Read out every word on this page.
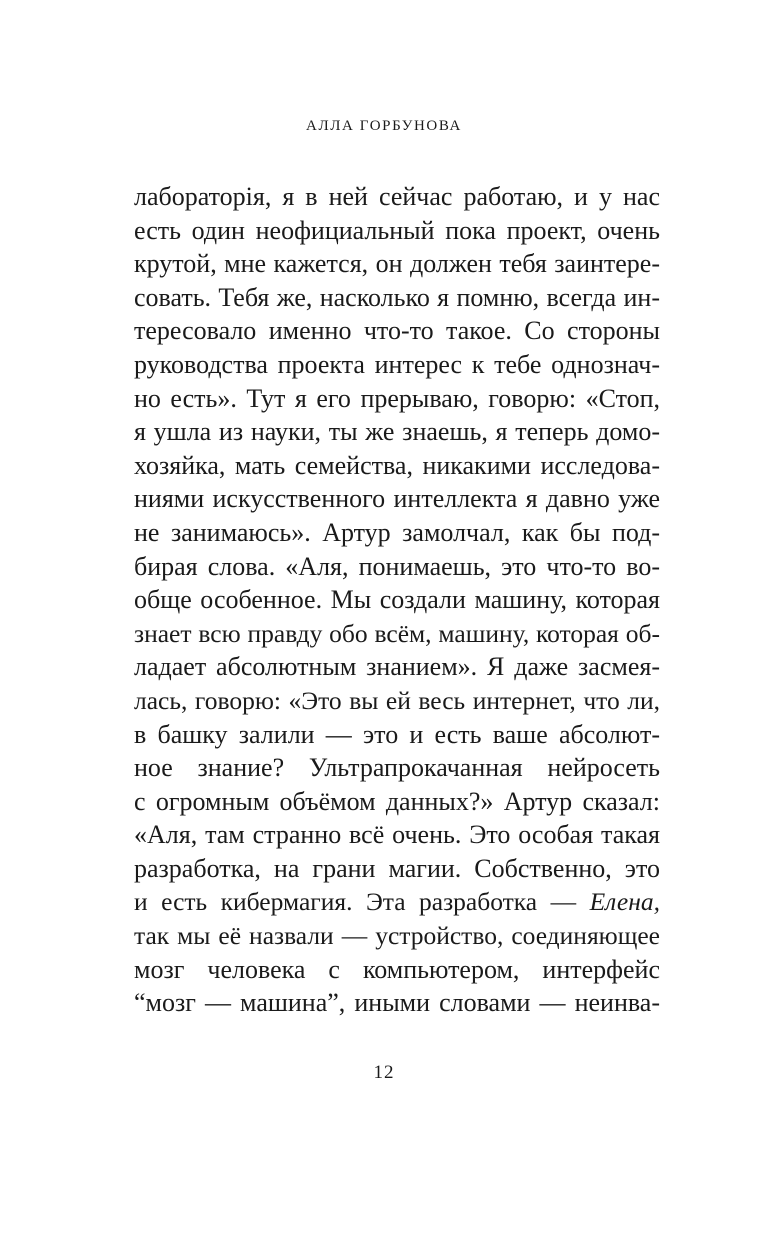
АЛЛА ГОРБУНОВА
лабораторія, я в ней сейчас работаю, и у нас
есть один неофициальный пока проект, очень
крутой, мне кажется, он должен тебя заинтере-
совать. Тебя же, насколько я помню, всегда ин-
тересовало именно что-то такое. Со стороны
руководства проекта интерес к тебе однознач-
но есть». Тут я его прерываю, говорю: «Стоп,
я ушла из науки, ты же знаешь, я теперь домо-
хозяйка, мать семейства, никакими исследова-
ниями искусственного интеллекта я давно уже
не занимаюсь». Артур замолчал, как бы под-
бирая слова. «Аля, понимаешь, это что-то во-
обще особенное. Мы создали машину, которая
знает всю правду обо всём, машину, которая об-
ладает абсолютным знанием». Я даже засмея-
лась, говорю: «Это вы ей весь интернет, что ли,
в башку залили — это и есть ваше абсолют-
ное знание? Ультрапрокачанная нейросеть
с огромным объёмом данных?» Артур сказал:
«Аля, там странно всё очень. Это особая такая
разработка, на грани магии. Собственно, это
и есть кибермагия. Эта разработка — Елена,
так мы её назвали — устройство, соединяющее
мозг человека с компьютером, интерфейс
“мозг — машина”, иными словами — неинва-
12
